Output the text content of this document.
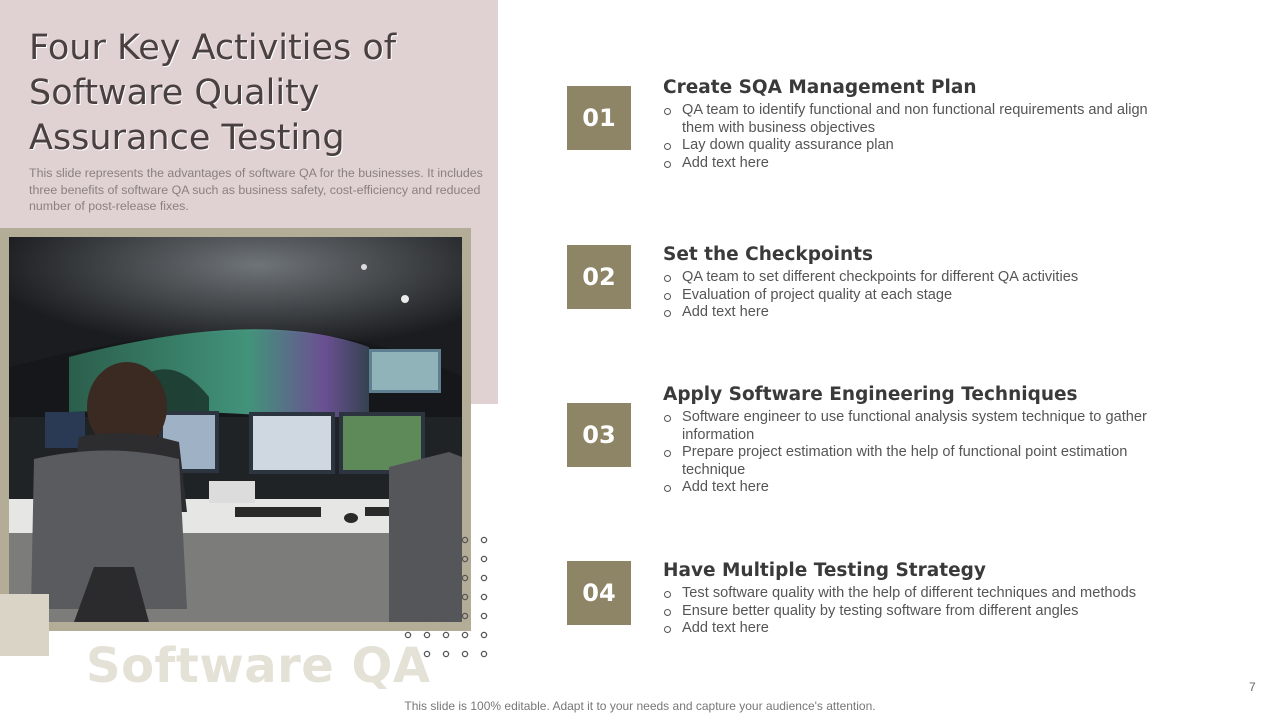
Four Key Activities of Software Quality Assurance Testing

This slide represents the advantages of software QA for the businesses. It includes three benefits of software QA such as business safety, cost-efficiency and reduced number of post-release fixes.

Software QA
01
Create SQA Management Plan
QA team to identify functional and non functional requirements and align them with business objectives
Lay down quality assurance plan
Add text here
02
Set the Checkpoints
QA team to set different checkpoints for different QA activities
Evaluation of project quality at each stage
Add text here
03
Apply Software Engineering Techniques
Software engineer to use functional analysis system technique to gather information
Prepare project estimation with the help of functional point estimation technique
Add text here
04
Have Multiple Testing Strategy
Test software quality with the help of different techniques and methods
Ensure better quality by testing software from different angles
Add text here
This slide is 100% editable. Adapt it to your needs and capture your audience's attention.
7
